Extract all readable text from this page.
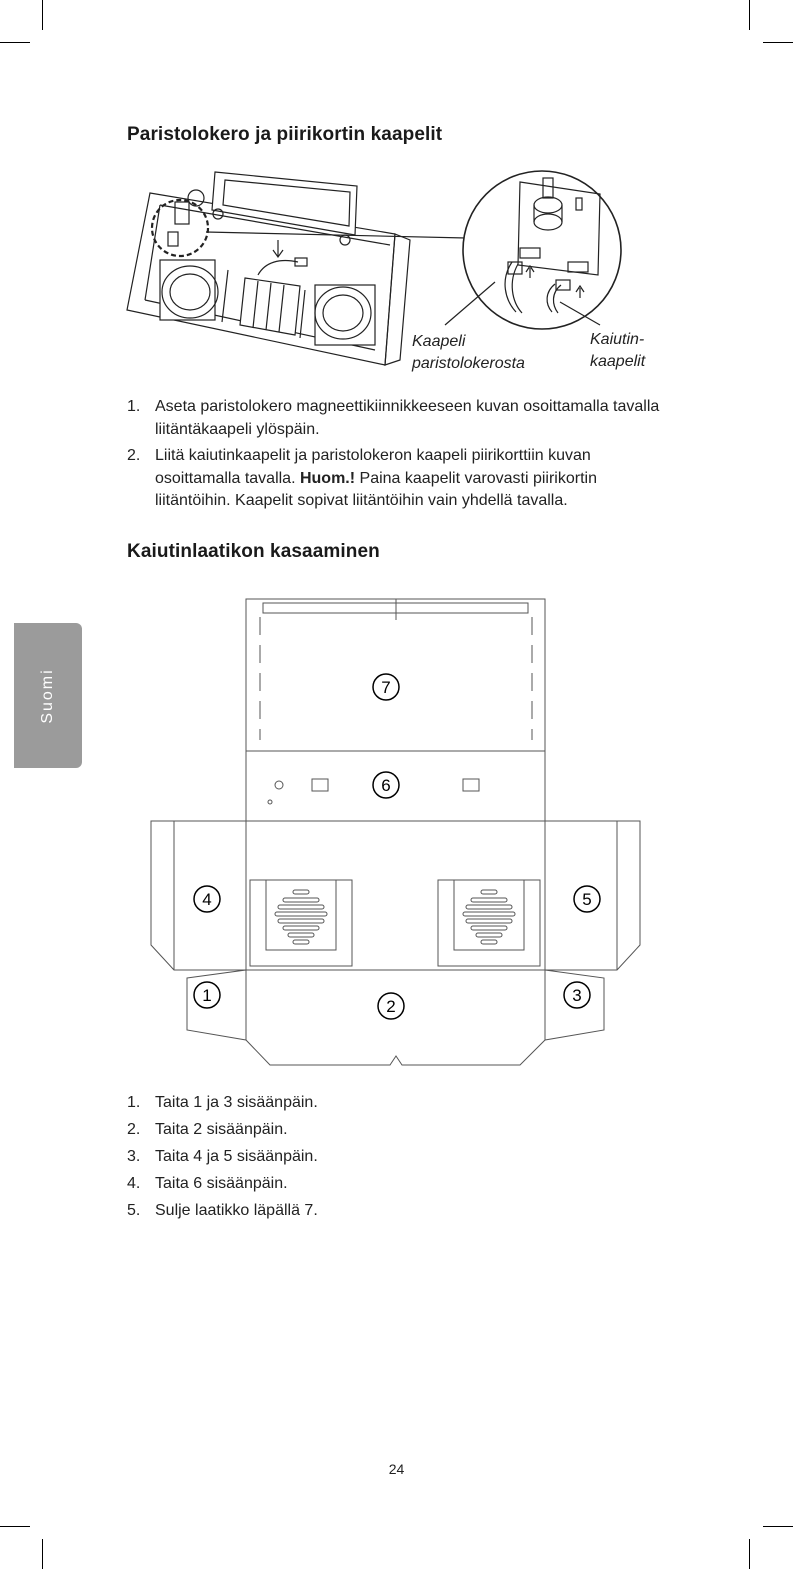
Paristolokero ja piirikortin kaapelit
Kaapeli
paristolokerosta
Kaiutin-
kaapelit
1. Aseta paristolokero magneettikiinnikkeeseen kuvan osoittamalla tavalla liitäntäkaapeli ylöspäin.
2. Liitä kaiutinkaapelit ja paristolokeron kaapeli piirikorttiin kuvan osoittamalla tavalla. Huom.! Paina kaapelit varovasti piirikortin liitäntöihin. Kaapelit sopivat liitäntöihin vain yhdellä tavalla.
Kaiutinlaatikon kasaaminen
Suomi	7
6
4	5
1
2
3
1. Taita 1 ja 3 sisäänpäin.
2. Taita 2 sisäänpäin.
3. Taita 4 ja 5 sisäänpäin.
4. Taita 6 sisäänpäin.
5. Sulje laatikko läpällä 7.
24
